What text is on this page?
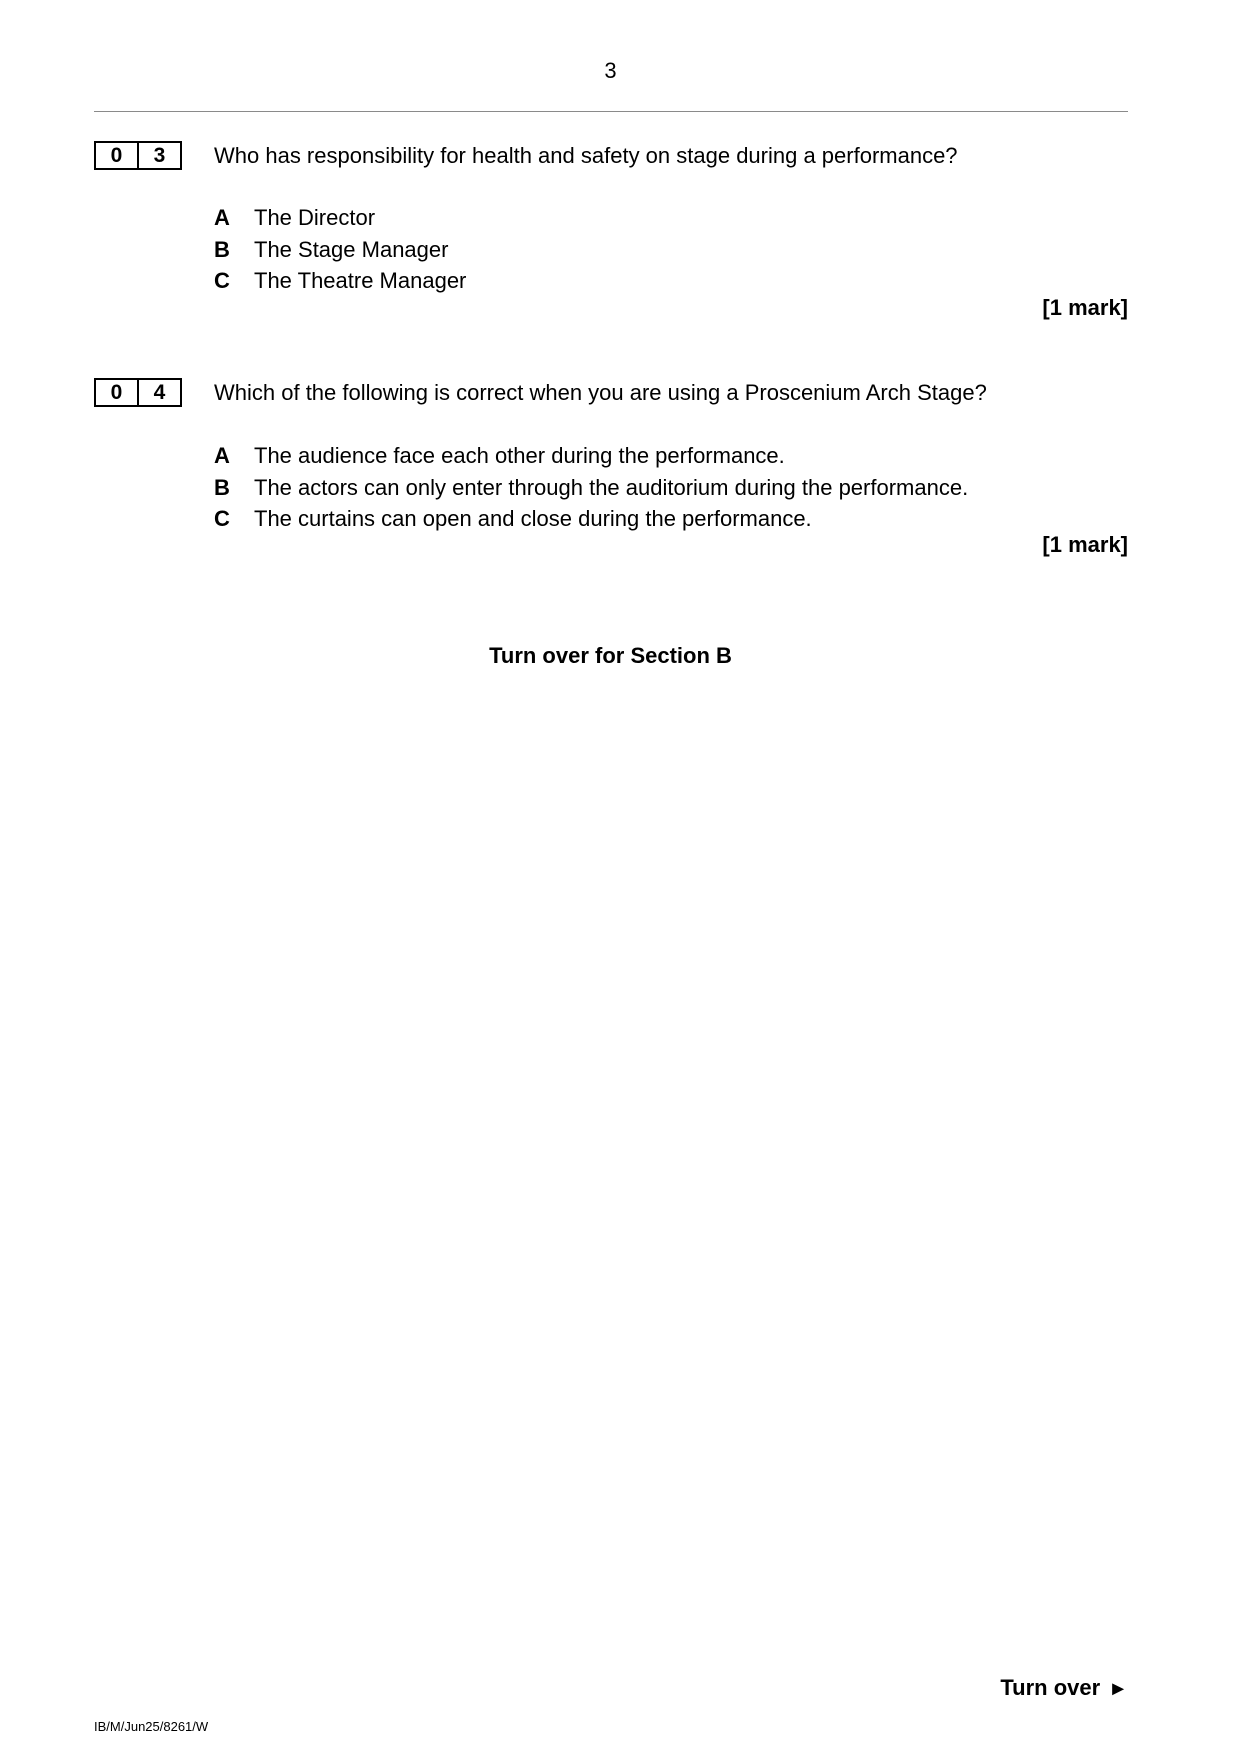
3
0	3	Who has responsibility for health and safety on stage during a performance?
A The Director
B The Stage Manager
C The Theatre Manager
[1 mark]
0	4	Which of the following is correct when you are using a Proscenium Arch Stage?
A The audience face each other during the performance.
B The actors can only enter through the auditorium during the performance.
C The curtains can open and close during the performance.
[1 mark]
Turn over for Section B
Turn over ►
IB/M/Jun25/8261/W
